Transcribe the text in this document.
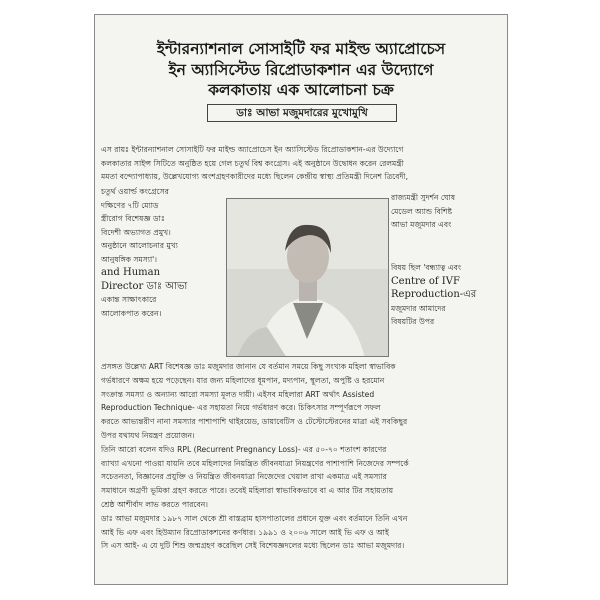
ইন্টারন্যাশনাল সোসাইটি ফর মাইল্ড অ্যাপ্রোচেস
ইন অ্যাসিস্টেড রিপ্রোডাকশান এর উদ্যোগে
কলকাতায় এক আলোচনা চক্র
ডাঃ আভা মজুমদারের মুখোমুখি

এস রায়ঃ ইন্টারন্যাশনাল সোসাইটি ফর মাইল্ড অ্যাপ্রোচেস ইন অ্যাসিস্টেড রিপ্রোডাকশান-এর উদ্যোগে

কলকাতার সাইন্স সিটিতে অনুষ্ঠিত হয়ে গেল চতুর্থ বিশ্ব কংগ্রেস। এই অনুষ্ঠানে উদ্বোধন করেন রেলমন্ত্রী

মমতা বন্দ্যোপাধ্যায়, উল্লেখযোগ্য অংশগ্রহণকারীদের মধ্যে ছিলেন কেন্দ্রীয় স্বাস্থ্য প্রতিমন্ত্রী দিনেশ ত্রিবেদী,

চতুর্থ ওয়ার্ল্ড কংগ্রেসের

দক্ষিণের ৭টি ম্যোড

স্ত্রীরোগ বিশেষজ্ঞ ডাঃ

বিদেশী অভ্যাগত প্রমুখ।

অনুষ্ঠানে আলোচনার মুখ্য

আনুষঙ্গিক সমস্যা'।

and Human

Director ডাঃ আভা

একান্ত সাক্ষাৎকারে

আলোকপাত করেন।

রাজ্যমন্ত্রী সুদর্শন ঘোষ

মেডেল অ্যান্ড বিশিষ্ট

আভা মজুমদার এবং

বিষয় ছিল 'বন্ধ্যাত্ব এবং

Centre of IVF

Reproduction-এর

মজুমদার আমাদের

বিষয়টির উপর

প্রসঙ্গত উল্লেখ্য ART বিশেষজ্ঞ ডাঃ মজুমদার জানান যে বর্তমান সময়ে কিছু সংখ্যক মহিলা স্বাভাবিক

গর্ভধারণে অক্ষম হয়ে পড়েছেন। যার জন্য মহিলাদের ধূমপান, মদ্যপান, স্থূলতা, অপুষ্টি ও হরমোন

সংক্রান্ত সমস্যা ও অন্যান্য আরো সমস্যা মূলত দায়ী। এইসব মহিলারা ART অর্থাৎ Assisted

Reproduction Technique- এর সহায়তা নিয়ে গর্ভধারণ করে। চিকিৎসার সম্পূর্ণরূপে সফল

করতে আভ্যন্তরীণ নানা সমস্যার পাশাপাশি থাইরয়েড, ডায়াবেটিস ও টেস্টোস্টেরনের মাত্রা এই সবকিছুর

উপর যথাযথ নিয়ন্ত্রণ প্রয়োজন।

তিনি আরো বলেন যদিও RPL (Recurrent Pregnancy Loss)- এর ৫০-৭০ শতাংশ কারণের

ব্যাখ্যা এখনো পাওয়া যায়নি তবে মহিলাদের নিয়ন্ত্রিত জীবনযাত্রা নিয়ন্ত্রণের পাশাপাশি নিজেদের সম্পর্কে

সচেতনতা, বিজ্ঞানের প্রযুক্তি ও নিয়ন্ত্রিত জীবনযাত্রা নিজেদের খেয়াল রাখা একমাত্র এই সমস্যার

সমাধানে অগ্রণী ভূমিকা গ্রহণ করতে পারে। তবেই মহিলারা স্বাভাবিকভাবে বা এ আর টির সহায়তায়

শ্রেষ্ঠ আশীর্বাদ লাভ করতে পারবেন।

ডাঃ আভা মজুমদার ১৯৮৭ সাল থেকে শ্রী বাস্তব্রাম হাসপাতালের প্রধানে যুক্ত এবং বর্তমানে তিনি এখন

আই ভি এফ এবং হিউম্যান রিপ্রোডাকশনের কর্ণধার। ১৯৯১ ও ২০০৬ সালে আই ভি এফ ও আই

সি এস আই- এ যে দুটি শিশু জন্মগ্রহণ করেছিল সেই বিশেষজ্ঞদলের মধ্যে ছিলেন ডাঃ আভা মজুমদার।
